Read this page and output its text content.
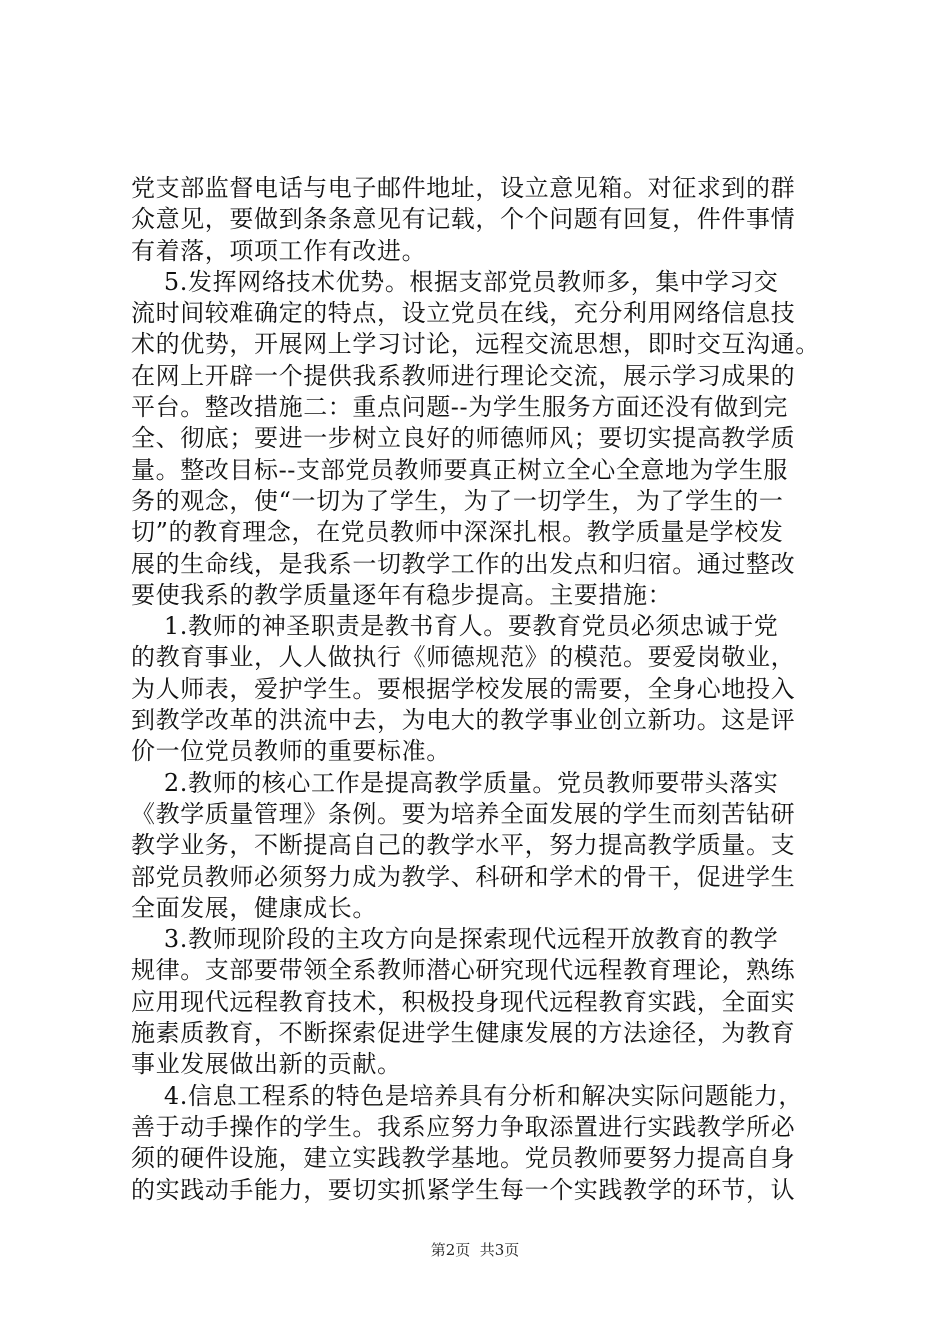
党支部监督电话与电子邮件地址，设立意见箱。对征求到的群
众意见，要做到条条意见有记载，个个问题有回复，件件事情
有着落，项项工作有改进。
5.发挥网络技术优势。根据支部党员教师多，集中学习交
流时间较难确定的特点，设立党员在线，充分利用网络信息技
术的优势，开展网上学习讨论，远程交流思想，即时交互沟通。
在网上开辟一个提供我系教师进行理论交流，展示学习成果的
平台。整改措施二：重点问题--为学生服务方面还没有做到完
全、彻底；要进一步树立良好的师德师风；要切实提高教学质
量。整改目标--支部党员教师要真正树立全心全意地为学生服
务的观念，使“一切为了学生，为了一切学生，为了学生的一
切”的教育理念，在党员教师中深深扎根。教学质量是学校发
展的生命线，是我系一切教学工作的出发点和归宿。通过整改
要使我系的教学质量逐年有稳步提高。主要措施：
1.教师的神圣职责是教书育人。要教育党员必须忠诚于党
的教育事业，人人做执行《师德规范》的模范。要爱岗敬业，
为人师表，爱护学生。要根据学校发展的需要，全身心地投入
到教学改革的洪流中去，为电大的教学事业创立新功。这是评
价一位党员教师的重要标准。
2.教师的核心工作是提高教学质量。党员教师要带头落实
《教学质量管理》条例。要为培养全面发展的学生而刻苦钻研
教学业务，不断提高自己的教学水平，努力提高教学质量。支
部党员教师必须努力成为教学、科研和学术的骨干，促进学生
全面发展，健康成长。
3.教师现阶段的主攻方向是探索现代远程开放教育的教学
规律。支部要带领全系教师潜心研究现代远程教育理论，熟练
应用现代远程教育技术，积极投身现代远程教育实践，全面实
施素质教育，不断探索促进学生健康发展的方法途径，为教育
事业发展做出新的贡献。
4.信息工程系的特色是培养具有分析和解决实际问题能力，
善于动手操作的学生。我系应努力争取添置进行实践教学所必
须的硬件设施，建立实践教学基地。党员教师要努力提高自身
的实践动手能力，要切实抓紧学生每一个实践教学的环节，认
第2页  共3页
